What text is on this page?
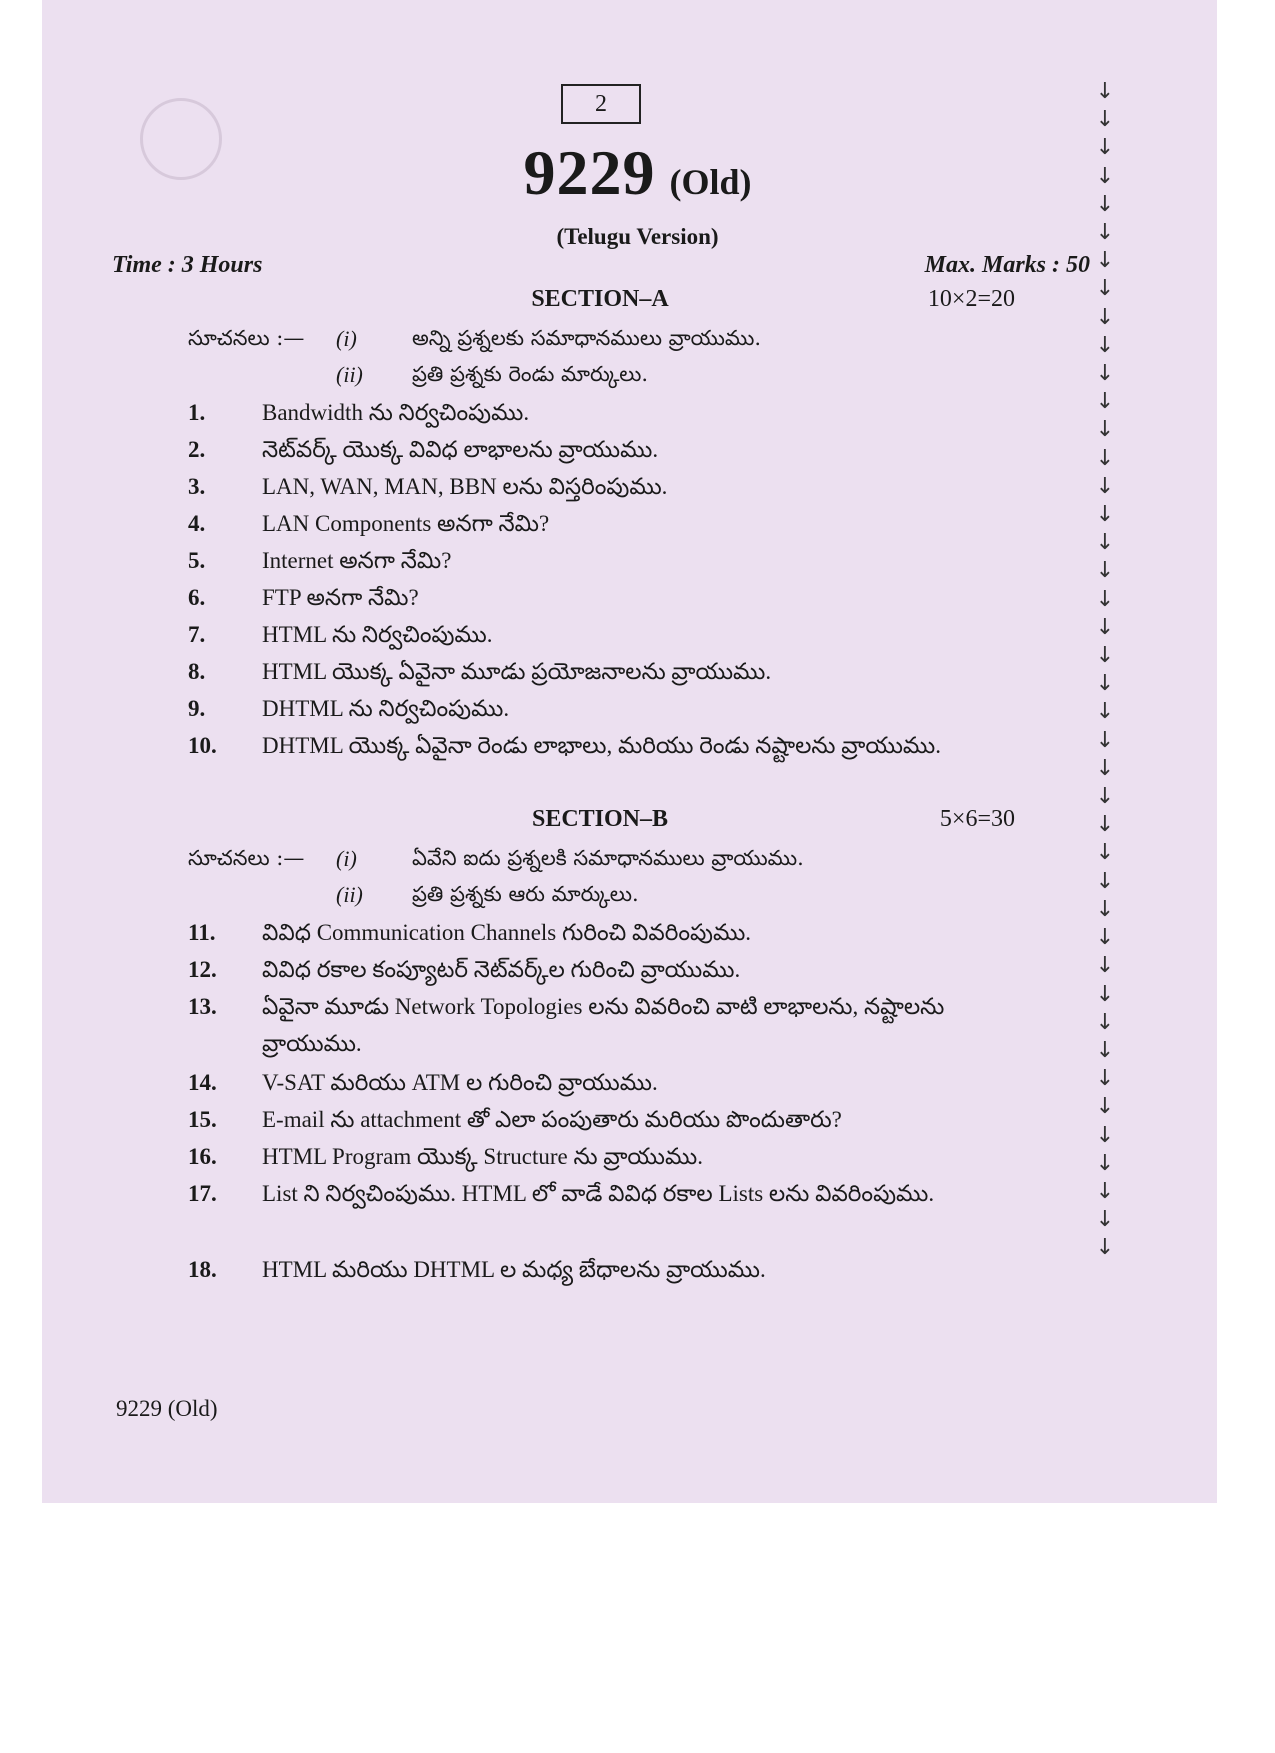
2
9229 (Old)
(Telugu Version)
Time : 3 Hours	Max. Marks : 50
SECTION–A	10×2=20
సూచనలు :— (i)	అన్ని ప్రశ్నలకు సమాధానములు వ్రాయుము.
(ii) ప్రతి ప్రశ్నకు రెండు మార్కులు.
1. Bandwidth ను నిర్వచింపుము.
2. నెట్‌వర్క్ యొక్క వివిధ లాభాలను వ్రాయుము.
3. LAN, WAN, MAN, BBN లను విస్తరింపుము.
4. LAN Components అనగా నేమి?
5. Internet అనగా నేమి?
6. FTP అనగా నేమి?
7. HTML ను నిర్వచింపుము.
8. HTML యొక్క ఏవైనా మూడు ప్రయోజనాలను వ్రాయుము.
9. DHTML ను నిర్వచింపుము.
10. DHTML యొక్క ఏవైనా రెండు లాభాలు, మరియు రెండు నష్టాలను వ్రాయుము.
SECTION–B	5×6=30
సూచనలు :— (i)	ఏవేని ఐదు ప్రశ్నలకి సమాధానములు వ్రాయుము.
(ii) ప్రతి ప్రశ్నకు ఆరు మార్కులు.
11. వివిధ Communication Channels గురించి వివరింపుము.
12. వివిధ రకాల కంప్యూటర్ నెట్‌వర్క్‌ల గురించి వ్రాయుము.
13. ఏవైనా మూడు Network Topologies లను వివరించి వాటి లాభాలను, నష్టాలను వ్రాయుము.
14. V-SAT మరియు ATM ల గురించి వ్రాయుము.
15. E-mail ను attachment తో ఎలా పంపుతారు మరియు పొందుతారు?
16. HTML Program యొక్క Structure ను వ్రాయుము.
17. List ని నిర్వచింపుము. HTML లో వాడే వివిధ రకాల Lists లను వివరింపుము.
18. HTML మరియు DHTML ల మధ్య బేధాలను వ్రాయుము.
9229 (Old)
↓
↓
↓
↓
↓
↓
↓
↓
↓
↓
↓
↓
↓
↓
↓
↓
↓
↓
↓
↓
↓
↓
↓
↓
↓
↓
↓
↓
↓
↓
↓
↓
↓
↓
↓
↓
↓
↓
↓
↓
↓
↓
